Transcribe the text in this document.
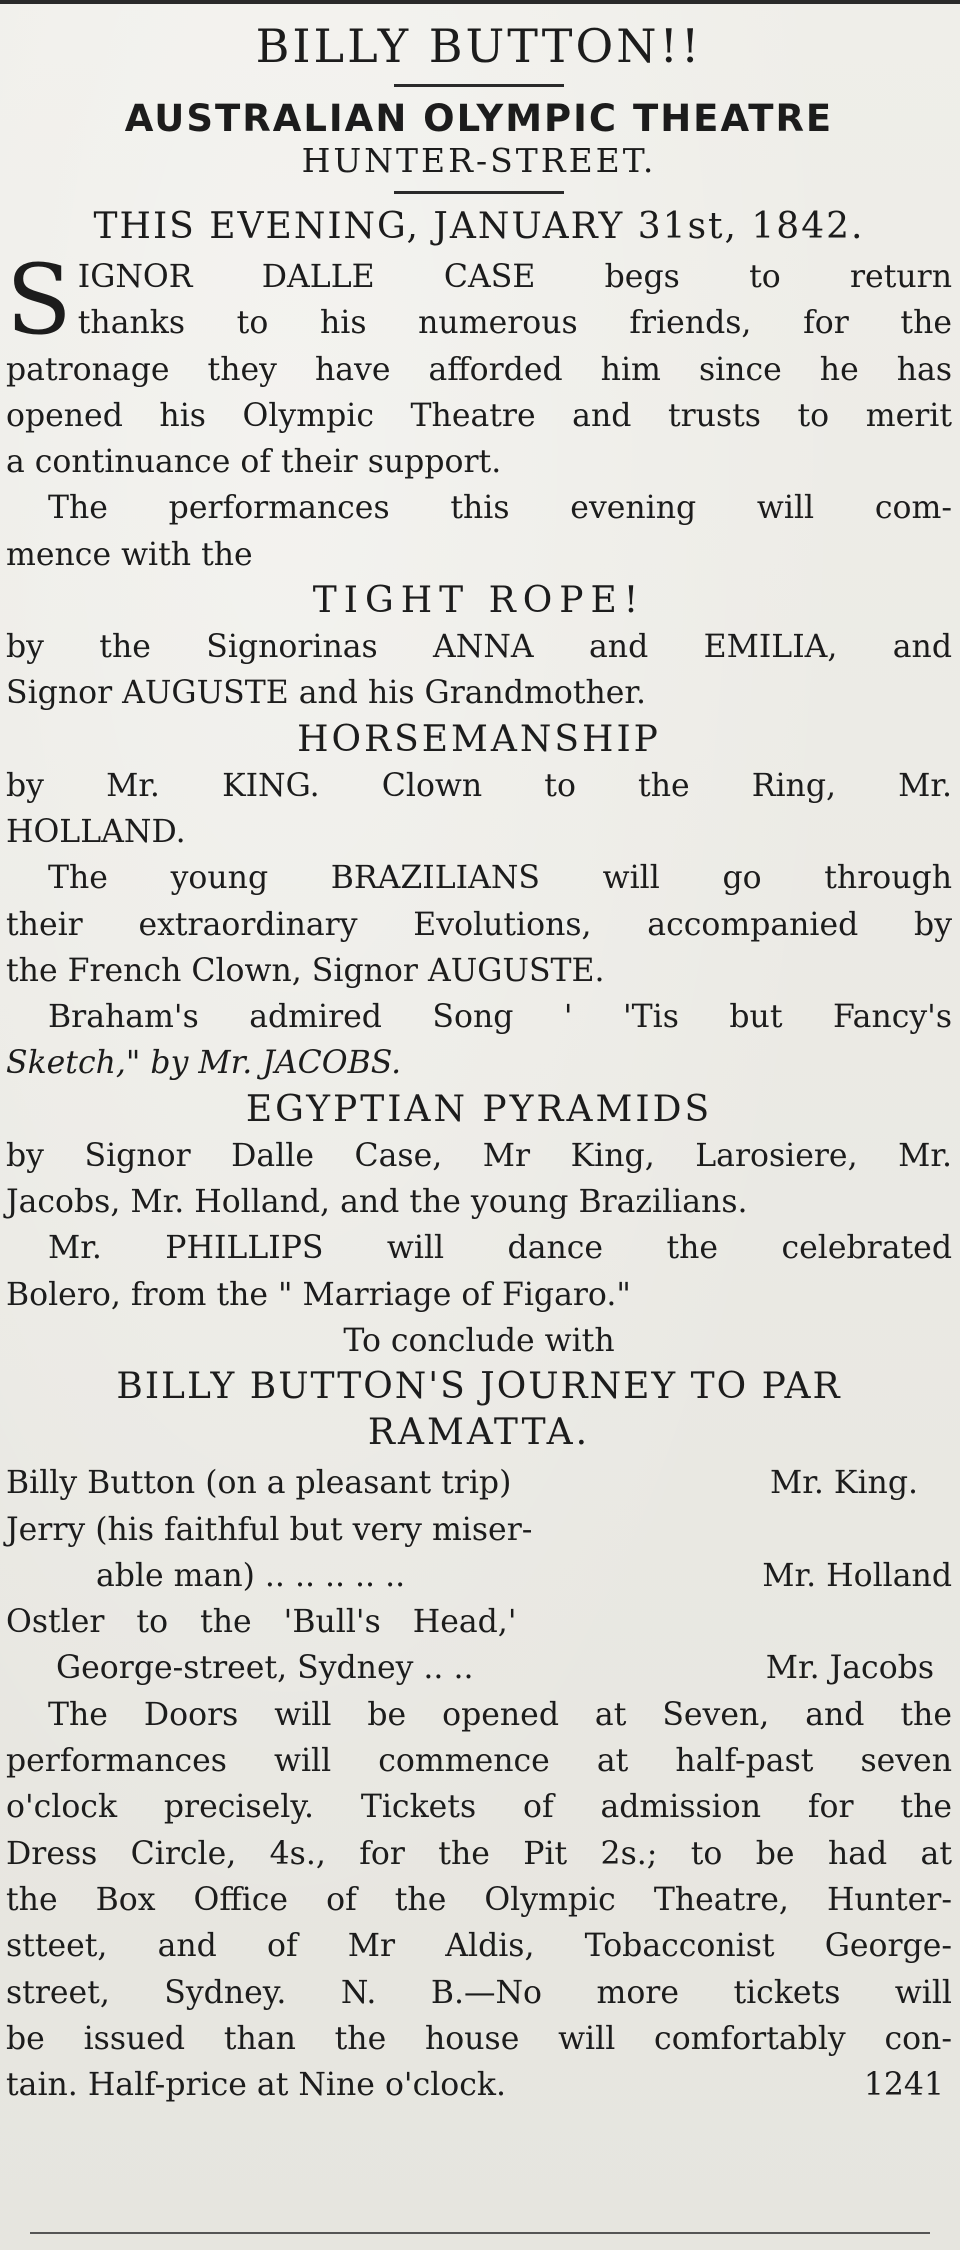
BILLY BUTTON!!

AUSTRALIAN OLYMPIC THEATRE

HUNTER-STREET.

THIS EVENING, JANUARY 31st, 1842.

S IGNOR DALLE CASE begs to return

thanks to his numerous friends, for the

patronage they have afforded him since he has

opened his Olympic Theatre and trusts to merit

a continuance of their support.

The performances this evening will com-

mence with the

TIGHT ROPE!

by the Signorinas ANNA and EMILIA, and

Signor AUGUSTE and his Grandmother.

HORSEMANSHIP

by Mr. KING. Clown to the Ring, Mr.

HOLLAND.

The young BRAZILIANS will go through

their extraordinary Evolutions, accompanied by

the French Clown, Signor AUGUSTE.

Braham's admired Song ' 'Tis but Fancy's

Sketch," by Mr. JACOBS.

EGYPTIAN PYRAMIDS

by Signor Dalle Case, Mr King, Larosiere, Mr.

Jacobs, Mr. Holland, and the young Brazilians.

Mr. PHILLIPS will dance the celebrated

Bolero, from the " Marriage of Figaro."

To conclude with

BILLY BUTTON'S JOURNEY TO PAR

RAMATTA.

Billy Button (on a pleasant trip)	Mr. King.

Jerry (his faithful but very miser-

able man) .. .. .. .. ..	Mr. Holland

Ostler to the 'Bull's Head,'

George-street, Sydney .. ..	Mr. Jacobs

The Doors will be opened at Seven, and the

performances will commence at half-past seven

o'clock precisely. Tickets of admission for the

Dress Circle, 4s., for the Pit 2s.; to be had at

the Box Office of the Olympic Theatre, Hunter-

stteet, and of Mr Aldis, Tobacconist George-

street, Sydney. N. B.—No more tickets will

be issued than the house will comfortably con-

tain. Half-price at Nine o'clock.	1241
